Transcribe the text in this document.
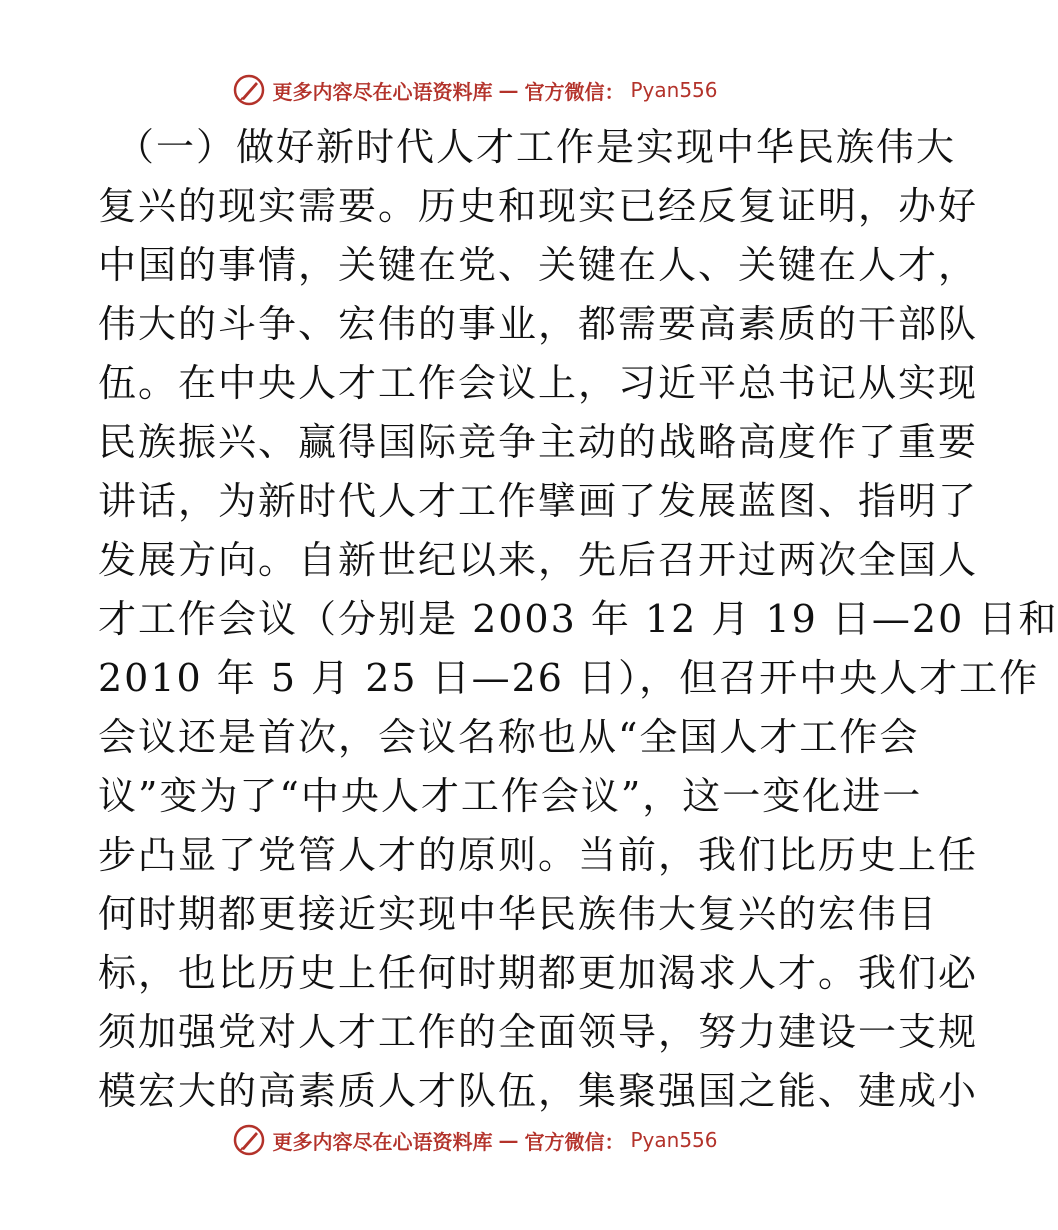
更多内容尽在心语资料库 — 官方微信： Pyan556
（一）做好新时代人才工作是实现中华民族伟大
复兴的现实需要。历史和现实已经反复证明，办好
中国的事情，关键在党、关键在人、关键在人才，
伟大的斗争、宏伟的事业，都需要高素质的干部队
伍。在中央人才工作会议上，习近平总书记从实现
民族振兴、赢得国际竞争主动的战略高度作了重要
讲话，为新时代人才工作擘画了发展蓝图、指明了
发展方向。自新世纪以来，先后召开过两次全国人
才工作会议（分别是 2003 年 12 月 19 日—20 日和
2010 年 5 月 25 日—26 日），但召开中央人才工作
会议还是首次，会议名称也从“全国人才工作会
议”变为了“中央人才工作会议”，这一变化进一
步凸显了党管人才的原则。当前，我们比历史上任
何时期都更接近实现中华民族伟大复兴的宏伟目
标，也比历史上任何时期都更加渴求人才。我们必
须加强党对人才工作的全面领导，努力建设一支规
模宏大的高素质人才队伍，集聚强国之能、建成小
更多内容尽在心语资料库 — 官方微信： Pyan556
